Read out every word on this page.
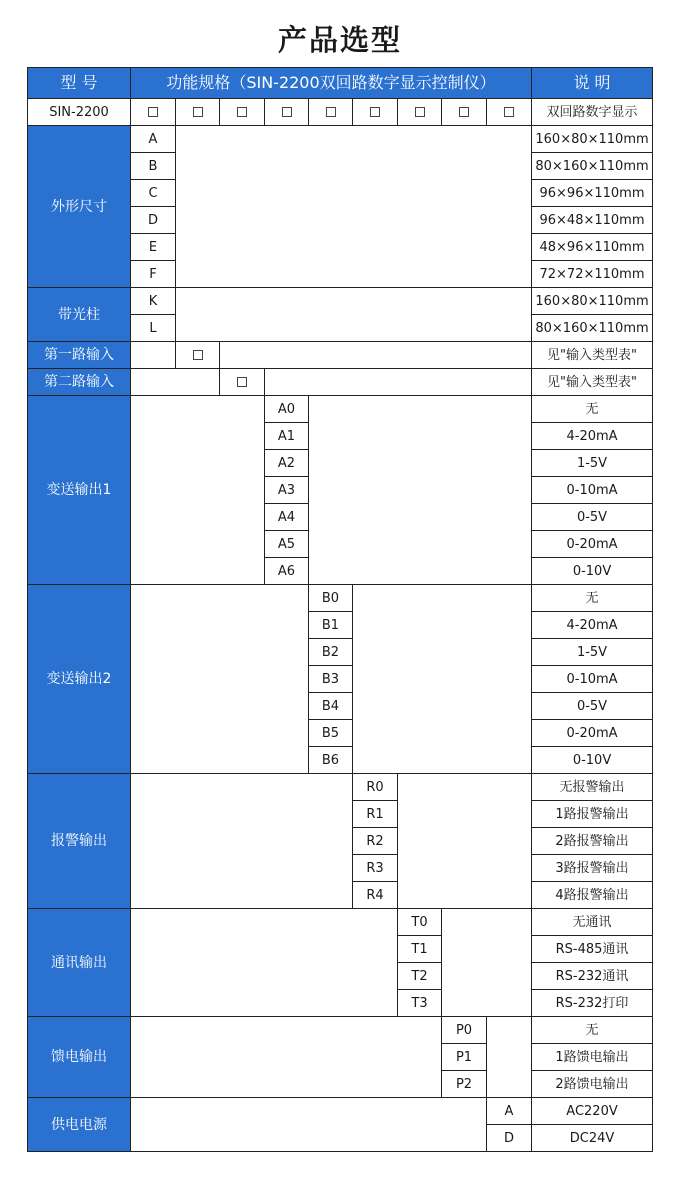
产品选型
型 号	功能规格（SIN-2200双回路数字显示控制仪）									说 明
SIN-2200										双回路数字显示
外形尺寸	A									160×80×110mm
	B									80×160×110mm
	C									96×96×110mm
	D									96×48×110mm
	E									48×96×110mm
	F									72×72×110mm
带光柱	K									160×80×110mm
	L									80×160×110mm
第一路输入										见"输入类型表"
第二路输入										见"输入类型表"
变送输出1				A0						无
				A1						4-20mA
				A2						1-5V
				A3						0-10mA
				A4						0-5V
				A5						0-20mA
				A6						0-10V
变送输出2					B0					无
					B1					4-20mA
					B2					1-5V
					B3					0-10mA
					B4					0-5V
					B5					0-20mA
					B6					0-10V
报警输出						R0				无报警输出
						R1				1路报警输出
						R2				2路报警输出
						R3				3路报警输出
						R4				4路报警输出
通讯输出							T0			无通讯
							T1			RS-485通讯
							T2			RS-232通讯
							T3			RS-232打印
馈电输出								P0		无
								P1		1路馈电输出
								P2		2路馈电输出
供电电源									A	AC220V
									D	DC24V
